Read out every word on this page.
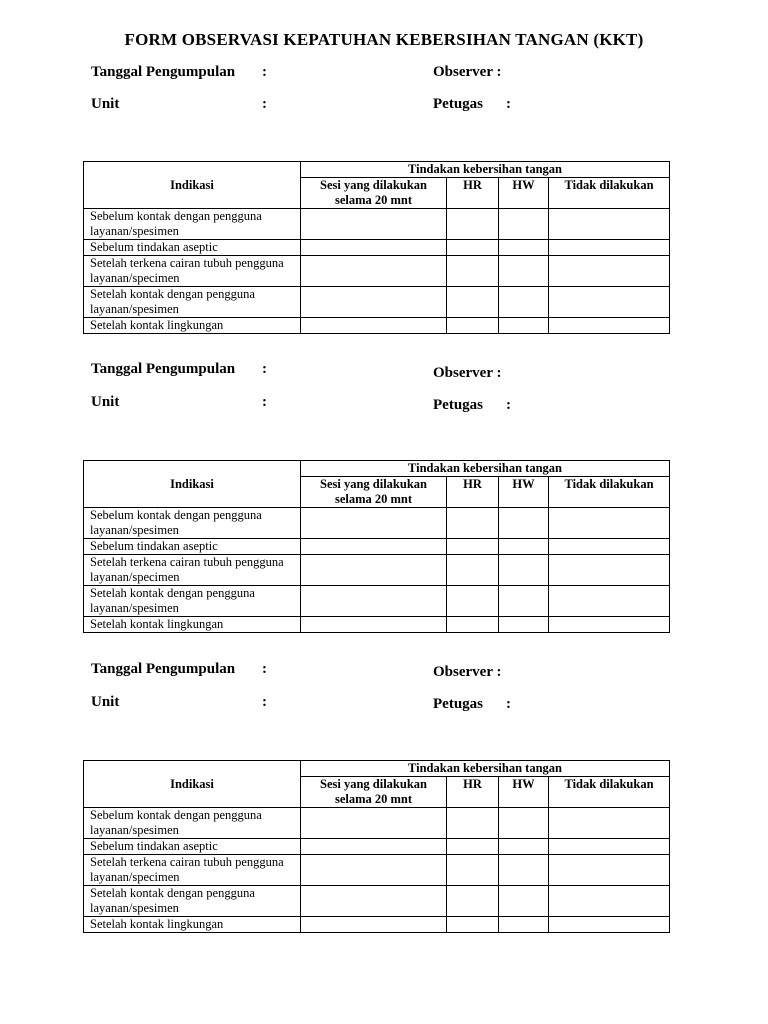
FORM OBSERVASI KEPATUHAN KEBERSIHAN TANGAN (KKT)
Tanggal Pengumpulan :	Observer :
Unit	:	Petugas :
Indikasi	Tindakan kebersihan tangan			
	Sesi yang dilakukan selama 20 mnt	HR	HW	Tidak dilakukan
Sebelum kontak dengan pengguna layanan/spesimen				
Sebelum tindakan aseptic				
Setelah terkena cairan tubuh pengguna layanan/specimen				
Setelah kontak dengan pengguna layanan/spesimen				
Setelah kontak lingkungan				
Tanggal Pengumpulan :	Observer :
Unit	:	Petugas :
Indikasi	Tindakan kebersihan tangan			
	Sesi yang dilakukan selama 20 mnt	HR	HW	Tidak dilakukan
Sebelum kontak dengan pengguna layanan/spesimen				
Sebelum tindakan aseptic				
Setelah terkena cairan tubuh pengguna layanan/specimen				
Setelah kontak dengan pengguna layanan/spesimen				
Setelah kontak lingkungan				
Tanggal Pengumpulan :	Observer :
Unit	:	Petugas :
Indikasi	Tindakan kebersihan tangan			
	Sesi yang dilakukan selama 20 mnt	HR	HW	Tidak dilakukan
Sebelum kontak dengan pengguna layanan/spesimen				
Sebelum tindakan aseptic				
Setelah terkena cairan tubuh pengguna layanan/specimen				
Setelah kontak dengan pengguna layanan/spesimen				
Setelah kontak lingkungan				
